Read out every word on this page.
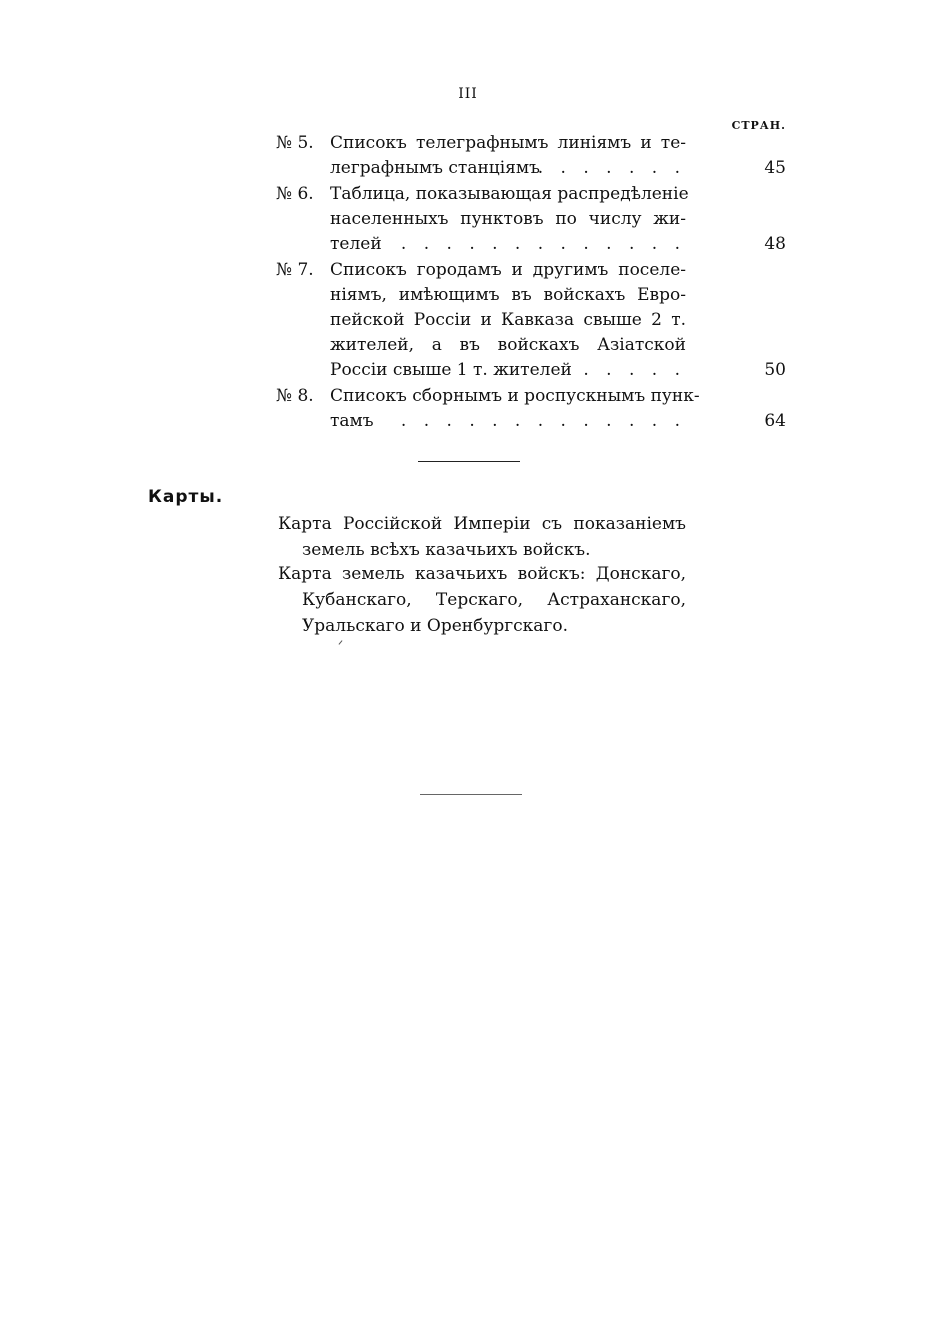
III
СТРАН.
№ 5. Списокъ телеграфнымъ линіямъ и те-
леграфнымъ станціямъ
. . . . . . .	45
№ 6. Таблица, показывающая распредѣленіе
населенныхъ пунктовъ по числу жи-
телей . . . . . . . . . . . . .	48
№ 7. Списокъ городамъ и другимъ поселе-
ніямъ, имѣющимъ въ войскахъ Евро-
пейской Россіи и Кавказа свыше 2 т.
жителей, а въ войскахъ Азіатской
Россіи свыше 1 т. жителей . . . . .	50
№ 8. Списокъ сборнымъ и роспускнымъ пунк-
тамъ . . . . . . . . . . . . .	64
Карты.
Карта Россійской Имперіи съ показаніемъ
земель всѣхъ казачьихъ войскъ.
Карта земель казачьихъ войскъ: Донскаго,
Кубанскаго, Терскаго, Астраханскаго,
Уральскаго и Оренбургскаго.
